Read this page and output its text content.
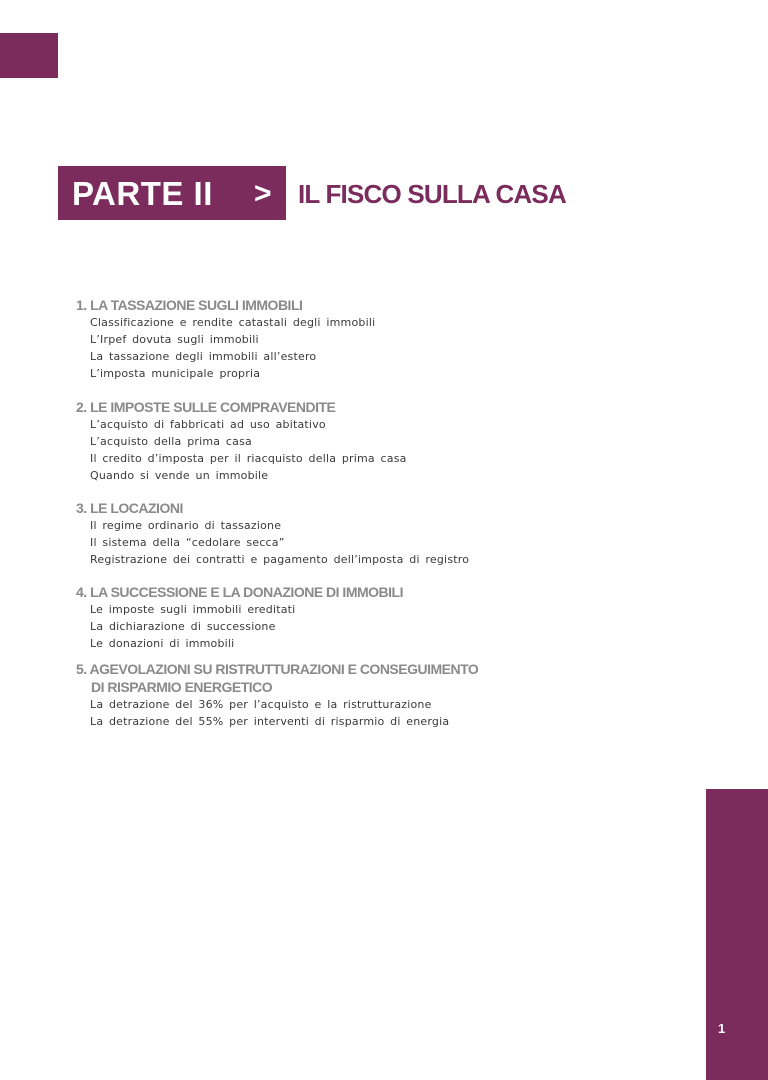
PARTE II > IL FISCO SULLA CASA
1. LA TASSAZIONE SUGLI IMMOBILI
Classificazione e rendite catastali degli immobili
L’Irpef dovuta sugli immobili
La tassazione degli immobili all’estero
L’imposta municipale propria
2. LE IMPOSTE SULLE COMPRAVENDITE
L’acquisto di fabbricati ad uso abitativo
L’acquisto della prima casa
Il credito d’imposta per il riacquisto della prima casa
Quando si vende un immobile
3. LE LOCAZIONI
Il regime ordinario di tassazione
Il sistema della “cedolare secca”
Registrazione dei contratti e pagamento dell’imposta di registro
4. LA SUCCESSIONE E LA DONAZIONE DI IMMOBILI
Le imposte sugli immobili ereditati
La dichiarazione di successione
Le donazioni di immobili
5. AGEVOLAZIONI SU RISTRUTTURAZIONI E CONSEGUIMENTO
DI RISPARMIO ENERGETICO
La detrazione del 36% per l’acquisto e la ristrutturazione
La detrazione del 55% per interventi di risparmio di energia
1
